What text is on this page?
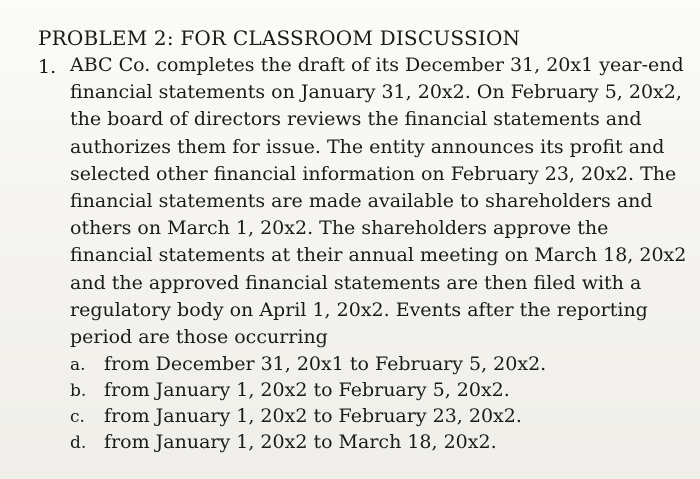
PROBLEM 2: FOR CLASSROOM DISCUSSION
1. ABC Co. completes the draft of its December 31, 20x1 year-end
financial statements on January 31, 20x2. On February 5, 20x2,
the board of directors reviews the financial statements and
authorizes them for issue. The entity announces its profit and
selected other financial information on February 23, 20x2. The
financial statements are made available to shareholders and
others on March 1, 20x2. The shareholders approve the
financial statements at their annual meeting on March 18, 20x2
and the approved financial statements are then filed with a
regulatory body on April 1, 20x2. Events after the reporting
period are those occurring
a. from December 31, 20x1 to February 5, 20x2.
b. from January 1, 20x2 to February 5, 20x2.
c. from January 1, 20x2 to February 23, 20x2.
d. from January 1, 20x2 to March 18, 20x2.
